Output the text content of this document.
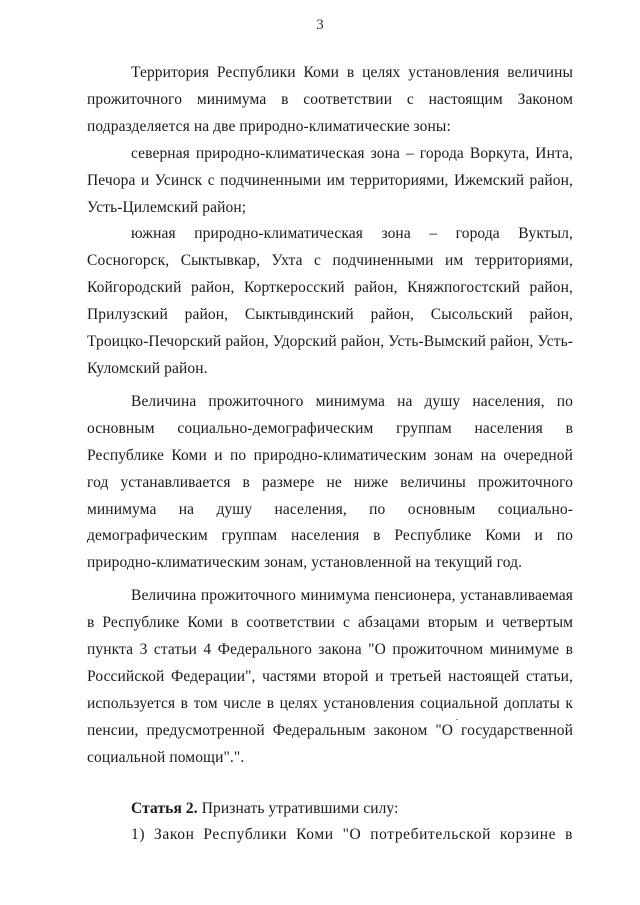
3

Территория Республики Коми в целях установления величины прожиточного минимума в соответствии с настоящим Законом подразделяется на две природно-климатические зоны:

северная природно-климатическая зона – города Воркута, Инта, Печора и Усинск с подчиненными им территориями, Ижемский район, Усть-Цилемский район;

южная природно-климатическая зона – города Вуктыл, Сосногорск, Сыктывкар, Ухта с подчиненными им территориями, Койгородский район, Корткеросский район, Княжпогостский район, Прилузский район, Сыктывдинский район, Сысольский район, Троицко-Печорский район, Удорский район, Усть-Вымский район, Усть-Куломский район.

Величина прожиточного минимума на душу населения, по основным социально-демографическим группам населения в Республике Коми и по природно-климатическим зонам на очередной год устанавливается в размере не ниже величины прожиточного минимума на душу населения, по основным социально-демографическим группам населения в Республике Коми и по природно-климатическим зонам, установленной на текущий год.

Величина прожиточного минимума пенсионера, устанавливаемая в Республике Коми в соответствии с абзацами вторым и четвертым пункта 3 статьи 4 Федерального закона "О прожиточном минимуме в Российской Федерации", частями второй и третьей настоящей статьи, используется в том числе в целях установления социальной доплаты к пенсии, предусмотренной Федеральным законом "О государственной социальной помощи".".

Статья 2. Признать утратившими силу:

1) Закон Республики Коми "О потребительской корзине в
